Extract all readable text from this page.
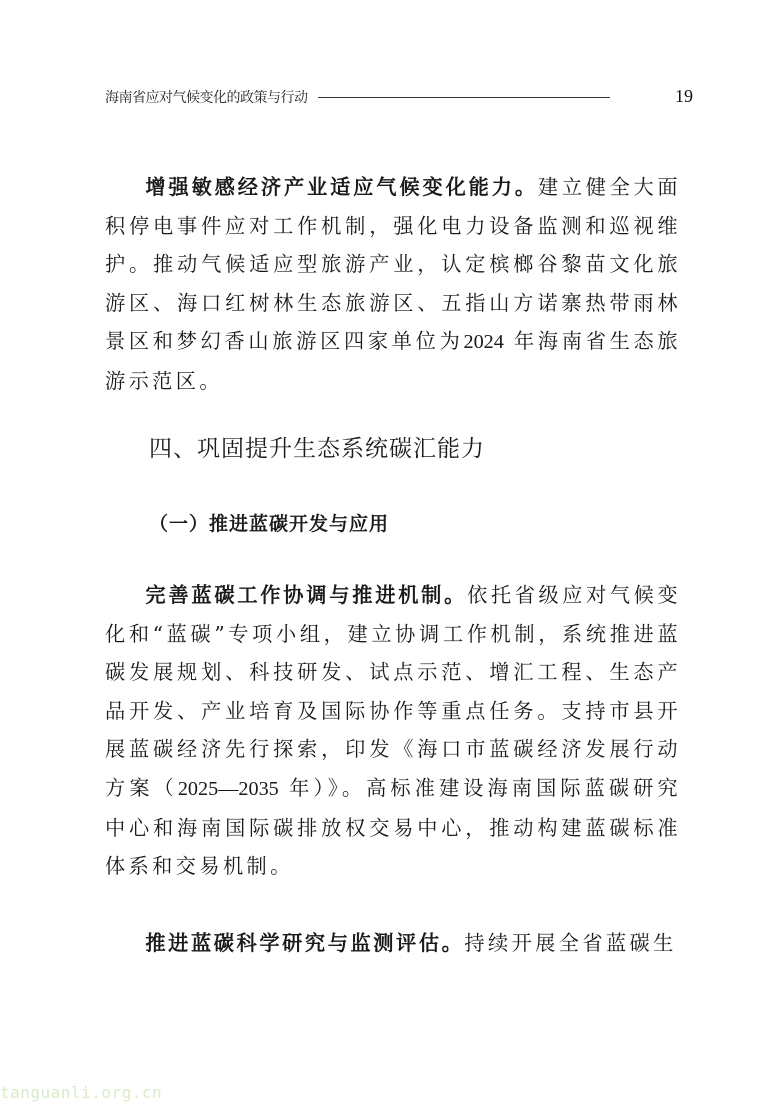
海南省应对气候变化的政策与行动	19

增强敏感经济产业适应气候变化能力。建立健全大面积停电事件应对工作机制，强化电力设备监测和巡视维护。推动气候适应型旅游产业，认定槟榔谷黎苗文化旅游区、海口红树林生态旅游区、五指山方诺寨热带雨林景区和梦幻香山旅游区四家单位为2024 年海南省生态旅游示范区。

四、巩固提升生态系统碳汇能力
（一）推进蓝碳开发与应用

完善蓝碳工作协调与推进机制。依托省级应对气候变化和“蓝碳”专项小组，建立协调工作机制，系统推进蓝碳发展规划、科技研发、试点示范、增汇工程、生态产品开发、产业培育及国际协作等重点任务。支持市县开展蓝碳经济先行探索，印发《海口市蓝碳经济发展行动方案（2025—2035 年）》。高标准建设海南国际蓝碳研究中心和海南国际碳排放权交易中心，推动构建蓝碳标准体系和交易机制。

推进蓝碳科学研究与监测评估。持续开展全省蓝碳生

tanguanli.org.cn
